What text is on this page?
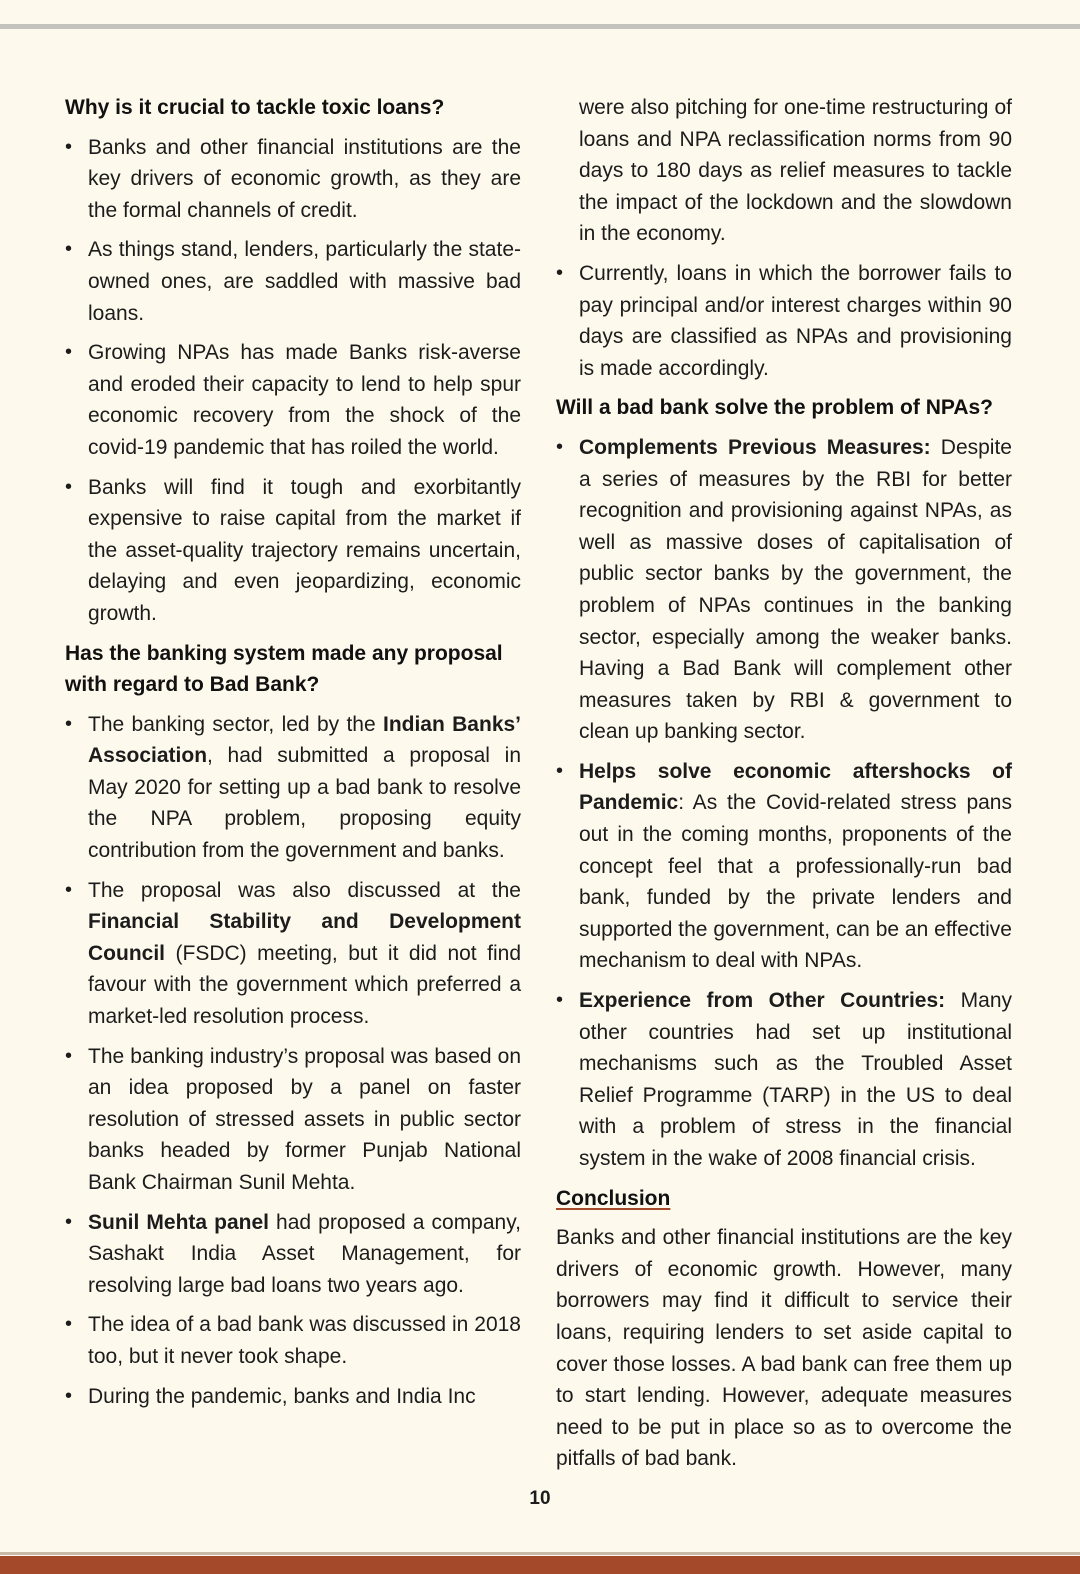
Why is it crucial to tackle toxic loans?
• Banks and other financial institutions are the key drivers of economic growth, as they are the formal channels of credit.
• As things stand, lenders, particularly the state-owned ones, are saddled with massive bad loans.
• Growing NPAs has made Banks risk-averse and eroded their capacity to lend to help spur economic recovery from the shock of the covid-19 pandemic that has roiled the world.
• Banks will find it tough and exorbitantly expensive to raise capital from the market if the asset-quality trajectory remains uncertain, delaying and even jeopardizing, economic growth.
Has the banking system made any proposal with regard to Bad Bank?
• The banking sector, led by the Indian Banks’ Association, had submitted a proposal in May 2020 for setting up a bad bank to resolve the NPA problem, proposing equity contribution from the government and banks.
• The proposal was also discussed at the Financial Stability and Development Council (FSDC) meeting, but it did not find favour with the government which preferred a market-led resolution process.
• The banking industry’s proposal was based on an idea proposed by a panel on faster resolution of stressed assets in public sector banks headed by former Punjab National Bank Chairman Sunil Mehta.
• Sunil Mehta panel had proposed a company, Sashakt India Asset Management, for resolving large bad loans two years ago.
• The idea of a bad bank was discussed in 2018 too, but it never took shape.
• During the pandemic, banks and India Inc
were also pitching for one-time restructuring of loans and NPA reclassification norms from 90 days to 180 days as relief measures to tackle the impact of the lockdown and the slowdown in the economy.
• Currently, loans in which the borrower fails to pay principal and/or interest charges within 90 days are classified as NPAs and provisioning is made accordingly.
Will a bad bank solve the problem of NPAs?
• Complements Previous Measures: Despite a series of measures by the RBI for better recognition and provisioning against NPAs, as well as massive doses of capitalisation of public sector banks by the government, the problem of NPAs continues in the banking sector, especially among the weaker banks. Having a Bad Bank will complement other measures taken by RBI & government to clean up banking sector.
• Helps solve economic aftershocks of Pandemic: As the Covid-related stress pans out in the coming months, proponents of the concept feel that a professionally-run bad bank, funded by the private lenders and supported the government, can be an effective mechanism to deal with NPAs.
• Experience from Other Countries: Many other countries had set up institutional mechanisms such as the Troubled Asset Relief Programme (TARP) in the US to deal with a problem of stress in the financial system in the wake of 2008 financial crisis.
Conclusion

Banks and other financial institutions are the key drivers of economic growth. However, many borrowers may find it difficult to service their loans, requiring lenders to set aside capital to cover those losses. A bad bank can free them up to start lending. However, adequate measures need to be put in place so as to overcome the pitfalls of bad bank.

10
